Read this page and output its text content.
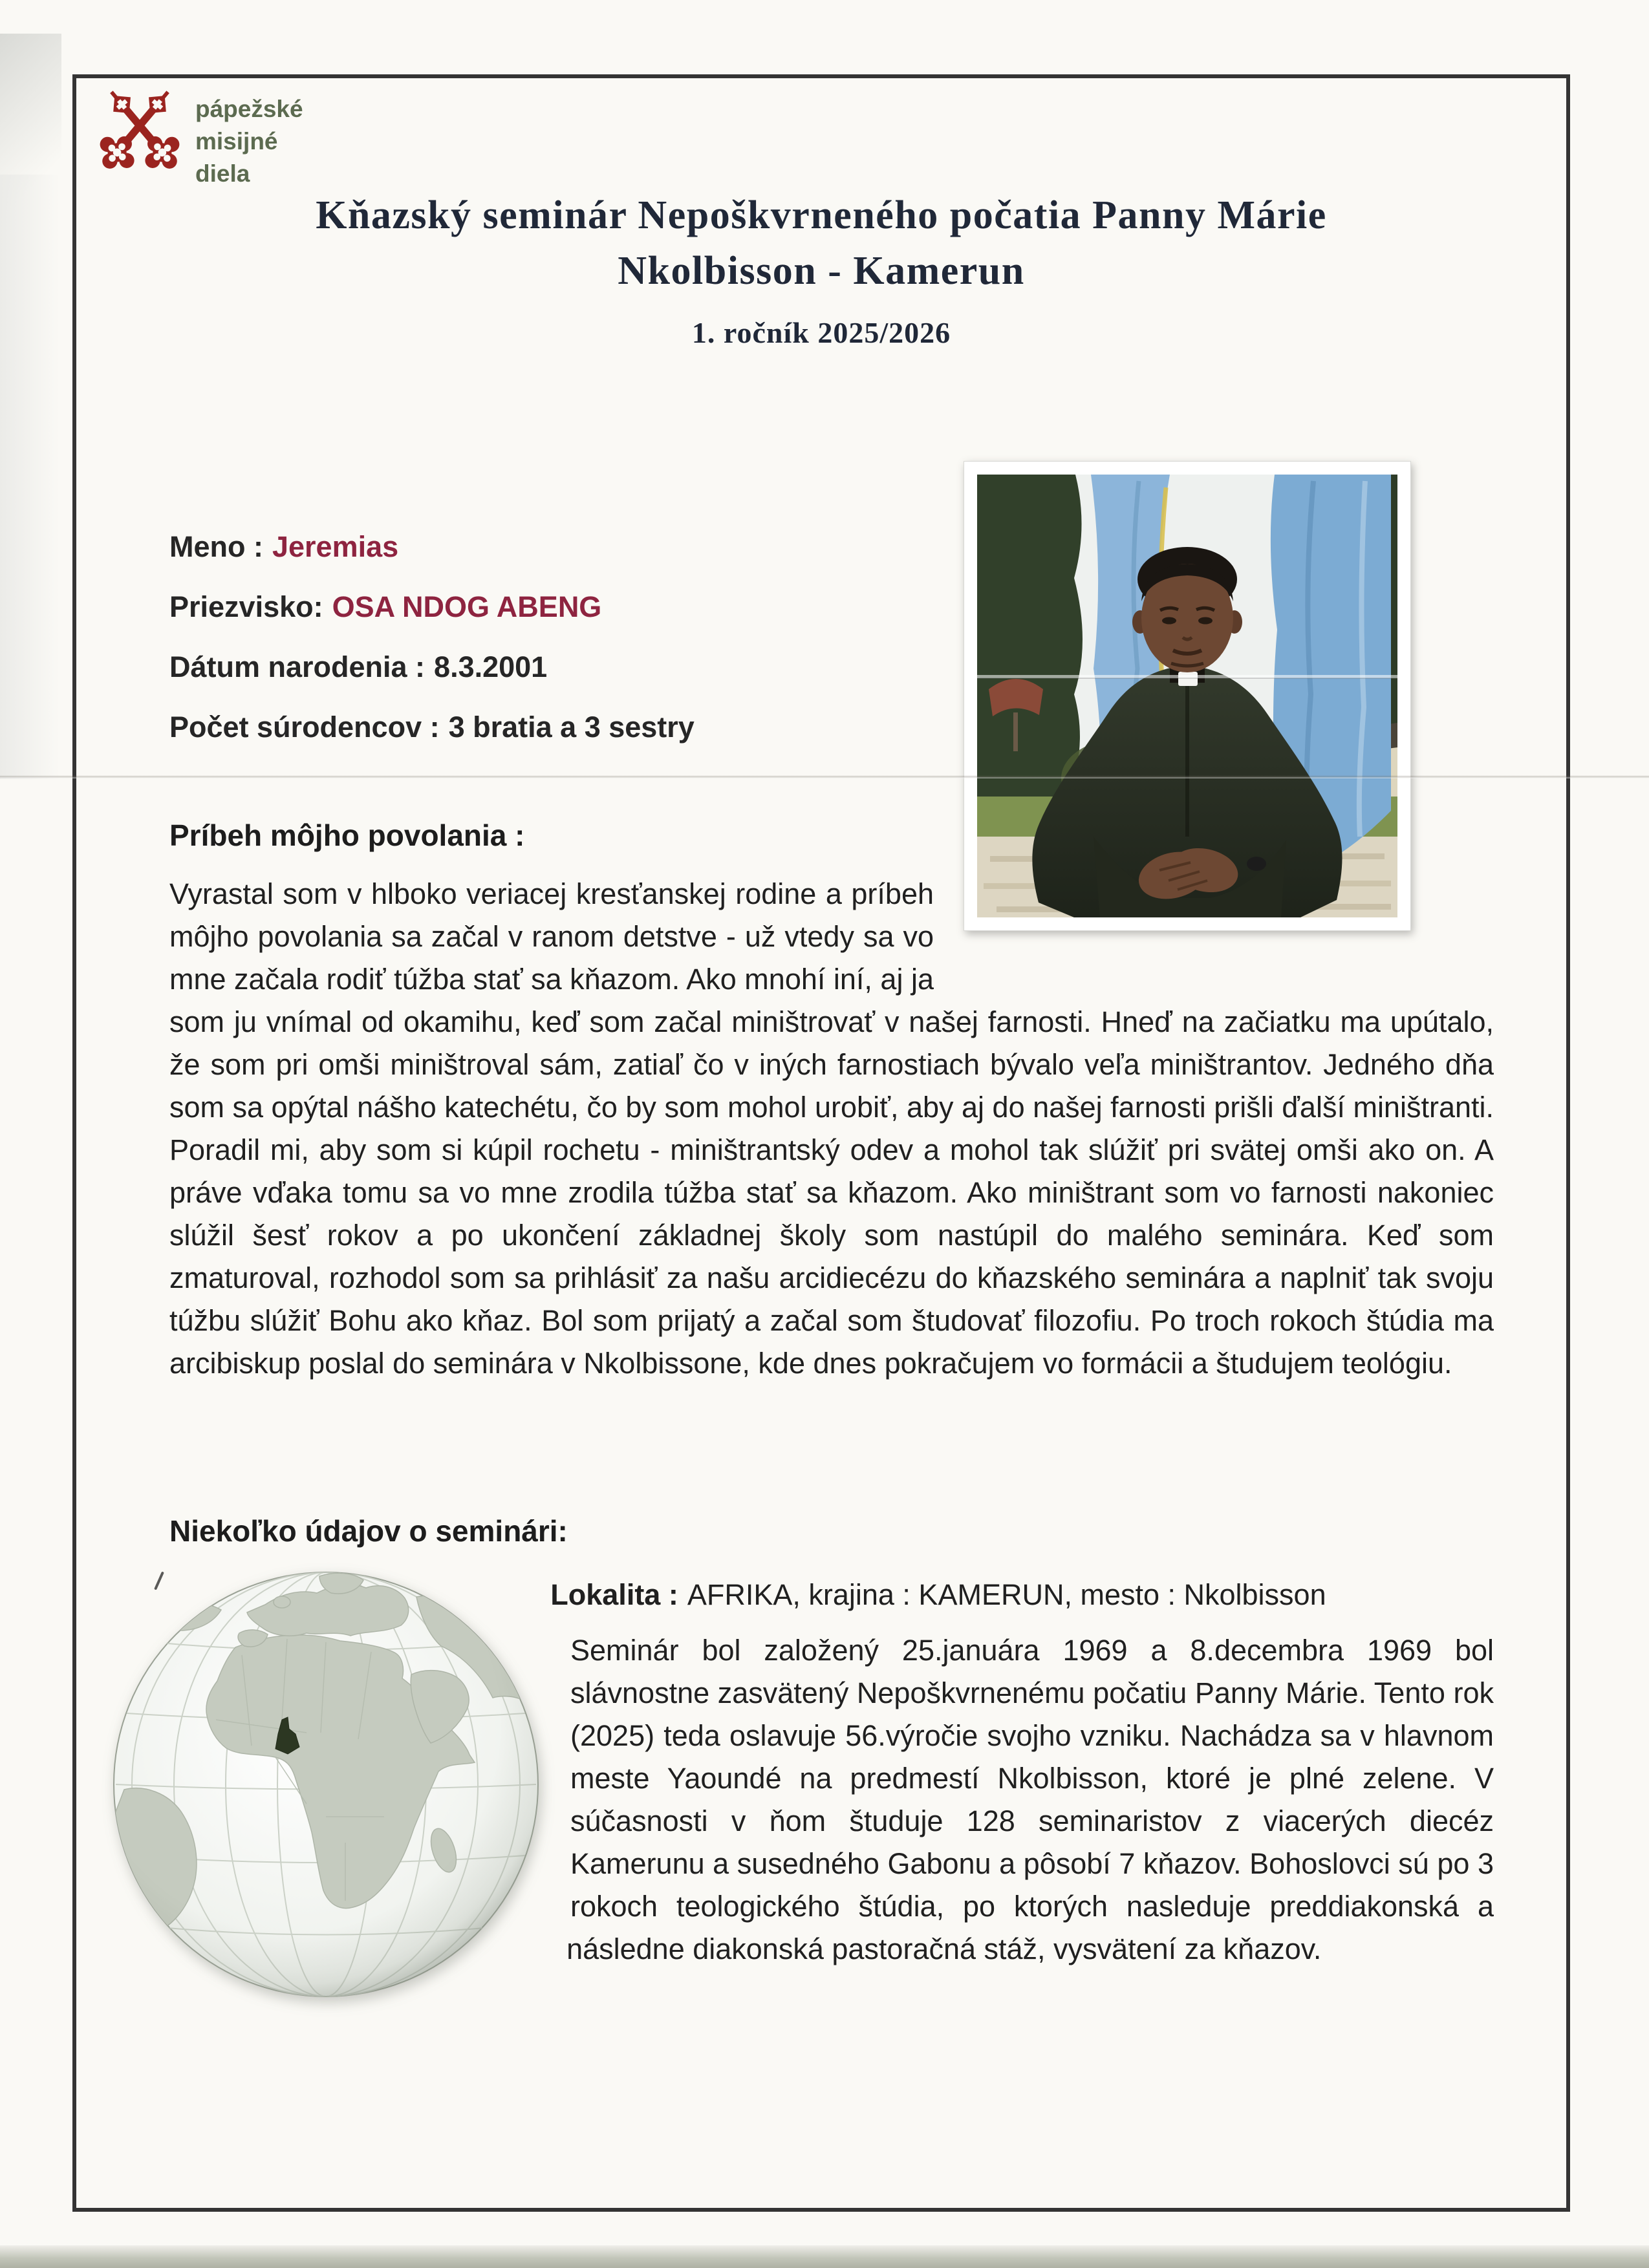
pápežské
misijné
diela
Kňazský seminár Nepoškvrneného počatia Panny Márie
Nkolbisson - Kamerun
1. ročník 2025/2026
Meno : Jeremias
Priezvisko: OSA NDOG ABENG
Dátum narodenia : 8.3.2001
Počet súrodencov : 3 bratia a 3 sestry
Príbeh môjho povolania :
Vyrastal som v hlboko veriacej kresťanskej rodine a príbeh môjho povolania sa začal v ranom detstve - už vtedy sa vo mne začala rodiť túžba stať sa kňazom. Ako mnohí iní, aj ja som ju vnímal od okamihu, keď som začal miništrovať v našej farnosti. Hneď na začiatku ma upútalo, že som pri omši miništroval sám, zatiaľ čo v iných farnostiach bývalo veľa miništrantov. Jedného dňa som sa opýtal nášho katechétu, čo by som mohol urobiť, aby aj do našej farnosti prišli ďalší miništranti. Poradil mi, aby som si kúpil rochetu - miništrantský odev a mohol tak slúžiť pri svätej omši ako on. A práve vďaka tomu sa vo mne zrodila túžba stať sa kňazom. Ako miništrant som vo farnosti nakoniec slúžil šesť rokov a po ukončení základnej školy som nastúpil do malého seminára. Keď som zmaturoval, rozhodol som sa prihlásiť za našu arcidiecézu do kňazského seminára a naplniť tak svoju túžbu slúžiť Bohu ako kňaz. Bol som prijatý a začal som študovať filozofiu. Po troch rokoch štúdia ma arcibiskup poslal do seminára v Nkolbissone, kde dnes pokračujem vo formácii a študujem teológiu.
Niekoľko údajov o seminári:
Lokalita : AFRIKA, krajina : KAMERUN, mesto : Nkolbisson
Seminár bol založený 25.januára 1969 a 8.decembra 1969 bol slávnostne zasvätený Nepoškvrnenému počatiu Panny Márie. Tento rok (2025) teda oslavuje 56.výročie svojho vzniku. Nachádza sa v hlavnom meste Yaoundé na predmestí Nkolbisson, ktoré je plné zelene. V súčasnosti v ňom študuje 128 seminaristov z viacerých diecéz Kamerunu a susedného Gabonu a pôsobí 7 kňazov. Bohoslovci sú po 3 rokoch teologického štúdia, po ktorých nasleduje preddiakonská a následne diakonská pastoračná stáž, vysvätení za kňazov.
